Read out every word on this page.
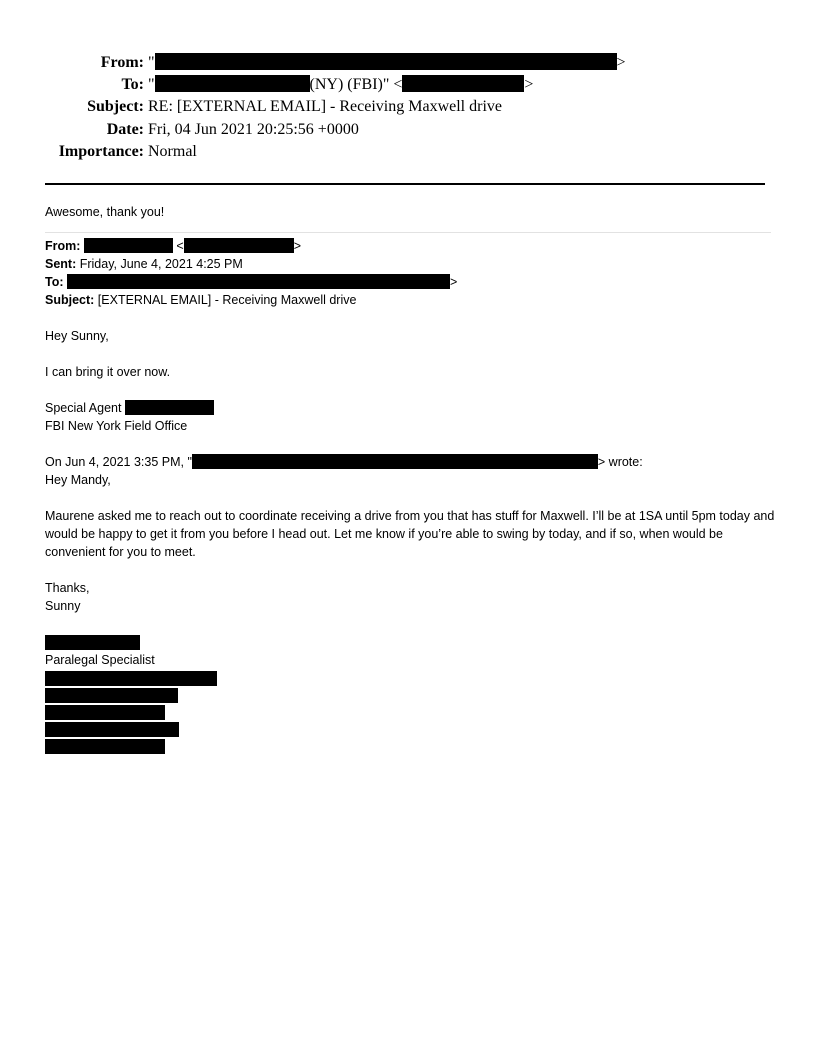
From: "	>
To: "	(NY) (FBI)" <	>
Subject: RE: [EXTERNAL EMAIL] - Receiving Maxwell drive
Date: Fri, 04 Jun 2021 20:25:56 +0000
Importance: Normal

Awesome, thank you!

From:	<	>

Sent: Friday, June 4, 2021 4:25 PM

To:	>

Subject: [EXTERNAL EMAIL] - Receiving Maxwell drive

Hey Sunny,

I can bring it over now.

Special Agent

FBI New York Field Office

On Jun 4, 2021 3:35 PM, "	> wrote:

Hey Mandy,

Maurene asked me to reach out to coordinate receiving a drive from you that has stuff for Maxwell. I’ll be at 1SA until 5pm today and would be happy to get it from you before I head out. Let me know if you’re able to swing by today, and if so, when would be convenient for you to meet.

Thanks,

Sunny

Paralegal Specialist
